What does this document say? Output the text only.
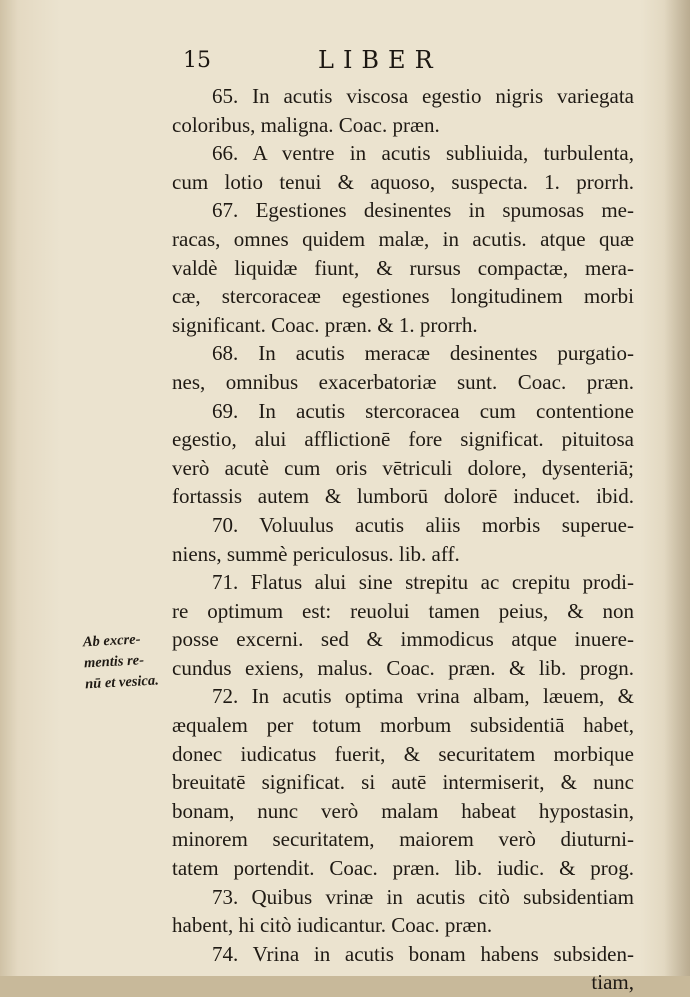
15	LIBER
Ab excre-
mentis re-
nū et vesica.
65. In acutis viscosa egestio nigris variegata
coloribus, maligna. Coac. præn.
66. A ventre in acutis subliuida, turbulenta,
cum lotio tenui & aquoso, suspecta. 1. prorrh.
67. Egestiones desinentes in spumosas me-
racas, omnes quidem malæ, in acutis. atque quæ
valdè liquidæ fiunt, & rursus compactæ, mera-
cæ, stercoraceæ egestiones longitudinem morbi
significant. Coac. præn. & 1. prorrh.
68. In acutis meracæ desinentes purgatio-
nes, omnibus exacerbatoriæ sunt. Coac. præn.
69. In acutis stercoracea cum contentione
egestio, alui afflictionē fore significat. pituitosa
verò acutè cum oris vētriculi dolore, dysenteriā;
fortassis autem & lumborū dolorē inducet. ibid.
70. Voluulus acutis aliis morbis superue-
niens, summè periculosus. lib. aff.
71. Flatus alui sine strepitu ac crepitu prodi-
re optimum est: reuolui tamen peius, & non
posse excerni. sed & immodicus atque inuere-
cundus exiens, malus. Coac. præn. & lib. progn.
72. In acutis optima vrina albam, læuem, &
æqualem per totum morbum subsidentiā habet,
donec iudicatus fuerit, & securitatem morbique
breuitatē significat. si autē intermiserit, & nunc
bonam, nunc verò malam habeat hypostasin,
minorem securitatem, maiorem verò diuturni-
tatem portendit. Coac. præn. lib. iudic. & prog.
73. Quibus vrinæ in acutis citò subsidentiam
habent, hi citò iudicantur. Coac. præn.
74. Vrina in acutis bonam habens subsiden-
tiam,
